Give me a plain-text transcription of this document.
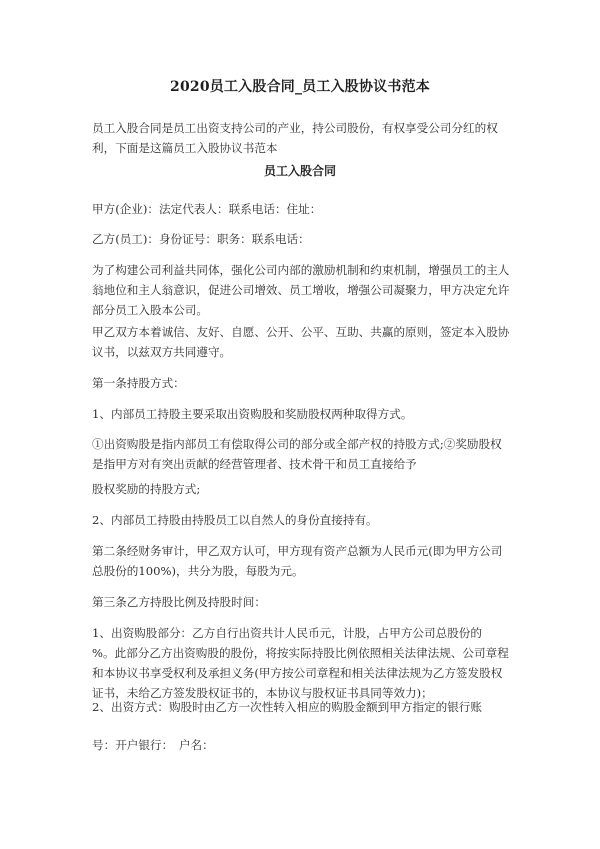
2020员工入股合同_员工入股协议书范本

员工入股合同是员工出资支持公司的产业，持公司股份，有权享受公司分红的权利，下面是这篇员工入股协议书范本

员工入股合同

甲方(企业)：法定代表人：联系电话：住址：

乙方(员工)：身份证号：职务：联系电话：

为了构建公司利益共同体，强化公司内部的激励机制和约束机制，增强员工的主人翁地位和主人翁意识，促进公司增效、员工增收，增强公司凝聚力，甲方决定允许部分员工入股本公司。

甲乙双方本着诚信、友好、自愿、公开、公平、互助、共赢的原则，签定本入股协议书，以兹双方共同遵守。

第一条持股方式：

1、内部员工持股主要采取出资购股和奖励股权两种取得方式。

①出资购股是指内部员工有偿取得公司的部分或全部产权的持股方式;②奖励股权是指甲方对有突出贡献的经营管理者、技术骨干和员工直接给予

股权奖励的持股方式;

2、内部员工持股由持股员工以自然人的身份直接持有。

第二条经财务审计，甲乙双方认可，甲方现有资产总额为人民币元(即为甲方公司总股份的100%)，共分为股，每股为元。

第三条乙方持股比例及持股时间：

1、出资购股部分：乙方自行出资共计人民币元，计股，占甲方公司总股份的　%。此部分乙方出资购股的股份，将按实际持股比例依照相关法律法规、公司章程和本协议书享受权利及承担义务(甲方按公司章程和相关法律法规为乙方签发股权证书，未给乙方签发股权证书的，本协议与股权证书具同等效力)；

2、出资方式：购股时由乙方一次性转入相应的购股金额到甲方指定的银行账

号：开户银行：　户名：
